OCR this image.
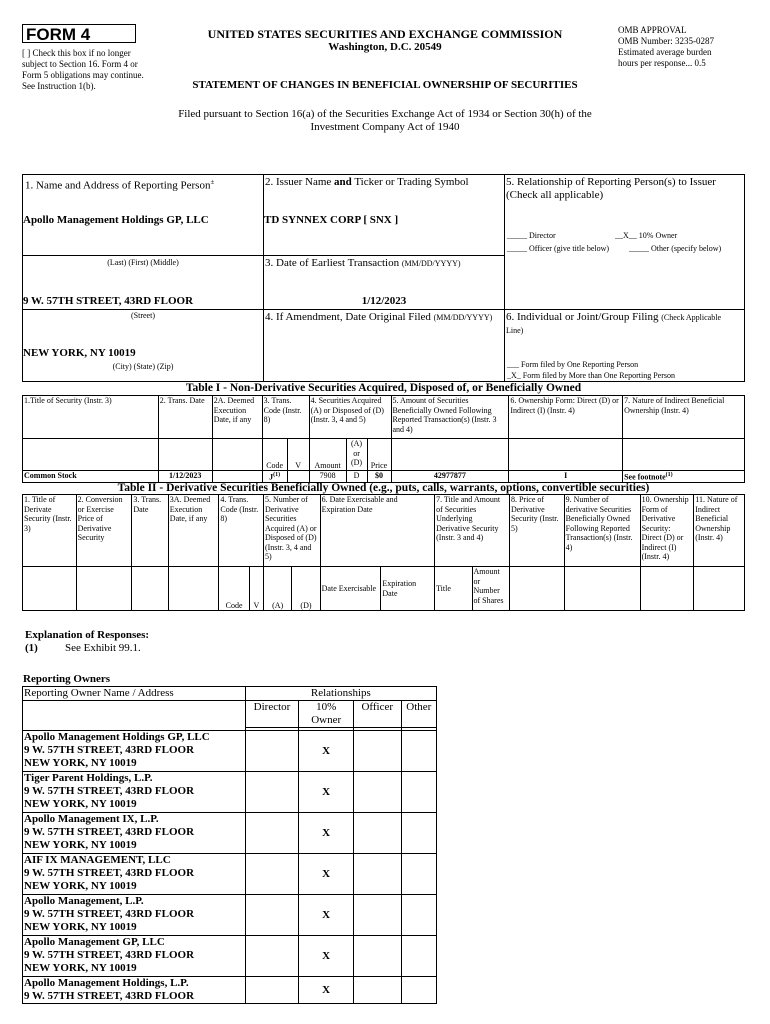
FORM 4
[ ] Check this box if no longer subject to Section 16. Form 4 or Form 5 obligations may continue. See Instruction 1(b).
UNITED STATES SECURITIES AND EXCHANGE COMMISSION
Washington, D.C. 20549
STATEMENT OF CHANGES IN BENEFICIAL OWNERSHIP OF SECURITIES
OMB APPROVAL
OMB Number: 3235-0287
Estimated average burden
hours per response... 0.5
Filed pursuant to Section 16(a) of the Securities Exchange Act of 1934 or Section 30(h) of the
Investment Company Act of 1940
1. Name and Address of Reporting Person±
Apollo Management Holdings GP, LLC
(Last) (First) (Middle)
9 W. 57TH STREET, 43RD FLOOR
(Street)
NEW YORK, NY 10019
(City) (State) (Zip)
2. Issuer Name and Ticker or Trading Symbol
TD SYNNEX CORP [ SNX ]
3. Date of Earliest Transaction (MM/DD/YYYY)
1/12/2023
4. If Amendment, Date Original Filed (MM/DD/YYYY)
5. Relationship of Reporting Person(s) to Issuer
(Check all applicable)
_____ Director	__X__ 10% Owner
_____ Officer (give title below) _____ Other (specify below)
6. Individual or Joint/Group Filing (Check Applicable
Line)
___ Form filed by One Reporting Person
_X_ Form filed by More than One Reporting Person
Table I - Non-Derivative Securities Acquired, Disposed of, or Beneficially Owned
1.Title of Security (Instr. 3)	2. Trans. Date	2A. Deemed Execution Date, if any	3. Trans. Code (Instr. 8)		4. Securities Acquired (A) or Disposed of (D) (Instr. 3, 4 and 5)			5. Amount of Securities Beneficially Owned Following Reported Transaction(s) (Instr. 3 and 4)	6. Ownership Form: Direct (D) or Indirect (I) (Instr. 4)	7. Nature of Indirect Beneficial Ownership (Instr. 4)
			Code	V	Amount	(A) or (D)	Price			
Common Stock	1/12/2023		$J^{(1)}$		7908	D	$0	42977877	I	See footnote$^{(1)}$
Table II - Derivative Securities Beneficially Owned (e.g., puts, calls, warrants, options, convertible securities)
1. Title of Derivate Security (Instr. 3)	2. Conversion or Exercise Price of Derivative Security	3. Trans. Date	3A. Deemed Execution Date, if any	4. Trans. Code (Instr. 8)		5. Number of Derivative Securities Acquired (A) or Disposed of (D) (Instr. 3, 4 and 5)		6. Date Exercisable and Expiration Date		7. Title and Amount of Securities Underlying Derivative Security (Instr. 3 and 4)		8. Price of Derivative Security (Instr. 5)	9. Number of derivative Securities Beneficially Owned Following Reported Transaction(s) (Instr. 4)	10. Ownership Form of Derivative Security: Direct (D) or Indirect (I) (Instr. 4)	11. Nature of Indirect Beneficial Ownership (Instr. 4)
				Code	V	(A)	(D)	Date Exercisable	Expiration Date	Title	Amount or Number of Shares				
Explanation of Responses:
(1) See Exhibit 99.1.
Reporting Owners
Reporting Owner Name / Address	Relationships			
	Director	10% Owner	Officer	Other

Apollo Management Holdings GP, LLC
9 W. 57TH STREET, 43RD FLOOR
NEW YORK, NY 10019		X		

Tiger Parent Holdings, L.P.
9 W. 57TH STREET, 43RD FLOOR
NEW YORK, NY 10019		X		

Apollo Management IX, L.P.
9 W. 57TH STREET, 43RD FLOOR
NEW YORK, NY 10019		X		

AIF IX MANAGEMENT, LLC
9 W. 57TH STREET, 43RD FLOOR
NEW YORK, NY 10019		X		

Apollo Management, L.P.
9 W. 57TH STREET, 43RD FLOOR
NEW YORK, NY 10019		X		

Apollo Management GP, LLC
9 W. 57TH STREET, 43RD FLOOR
NEW YORK, NY 10019		X		

Apollo Management Holdings, L.P.
9 W. 57TH STREET, 43RD FLOOR		X		
